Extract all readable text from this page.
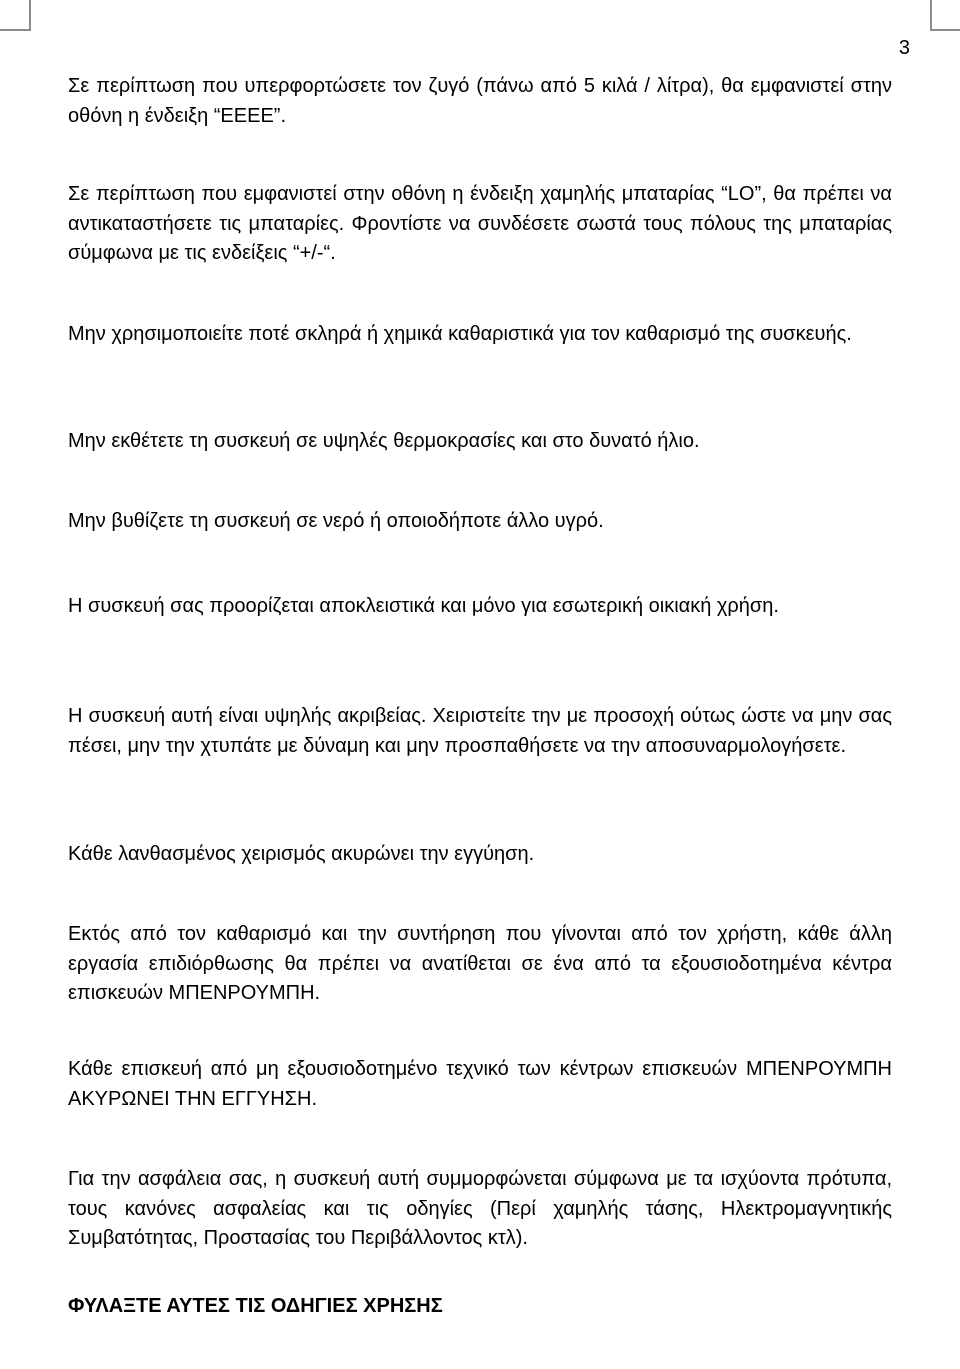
3

Σε περίπτωση που υπερφορτώσετε τον ζυγό (πάνω από 5 κιλά / λίτρα), θα εμφανιστεί στην οθόνη η ένδειξη “ΕΕΕΕ”.

Σε περίπτωση που εμφανιστεί στην οθόνη η ένδειξη χαμηλής μπαταρίας “LO”, θα πρέπει να αντικαταστήσετε τις μπαταρίες. Φροντίστε να συνδέσετε σωστά τους πόλους της μπαταρίας σύμφωνα με τις ενδείξεις “+/-“.

Μην χρησιμοποιείτε ποτέ σκληρά ή χημικά καθαριστικά για τον καθαρισμό της συσκευής.

Μην εκθέτετε τη συσκευή σε υψηλές θερμοκρασίες και στο δυνατό ήλιο.

Μην βυθίζετε τη συσκευή σε νερό ή οποιοδήποτε άλλο υγρό.

Η συσκευή σας προορίζεται αποκλειστικά και μόνο για εσωτερική οικιακή χρήση.

Η συσκευή αυτή είναι υψηλής ακριβείας. Χειριστείτε την με προσοχή ούτως ώστε να μην σας πέσει, μην την χτυπάτε με δύναμη και μην προσπαθήσετε να την αποσυναρμολογήσετε.

Κάθε λανθασμένος χειρισμός ακυρώνει την εγγύηση.

Εκτός από τον καθαρισμό και την συντήρηση που γίνονται από τον χρήστη, κάθε άλλη εργασία επιδιόρθωσης θα πρέπει να ανατίθεται σε ένα από τα εξουσιοδοτημένα κέντρα επισκευών ΜΠΕΝΡΟΥΜΠΗ.

Κάθε επισκευή από μη εξουσιοδοτημένο τεχνικό των κέντρων επισκευών ΜΠΕΝΡΟΥΜΠΗ ΑΚΥΡΩΝΕΙ ΤΗΝ ΕΓΓΥΗΣΗ.

Για την ασφάλεια σας, η συσκευή αυτή συμμορφώνεται σύμφωνα με τα ισχύοντα πρότυπα, τους κανόνες ασφαλείας και τις οδηγίες (Περί χαμηλής τάσης, Ηλεκτρομαγνητικής Συμβατότητας, Προστασίας του Περιβάλλοντος κτλ).

ΦΥΛΑΞΤΕ ΑΥΤΕΣ ΤΙΣ ΟΔΗΓΙΕΣ ΧΡΗΣΗΣ
